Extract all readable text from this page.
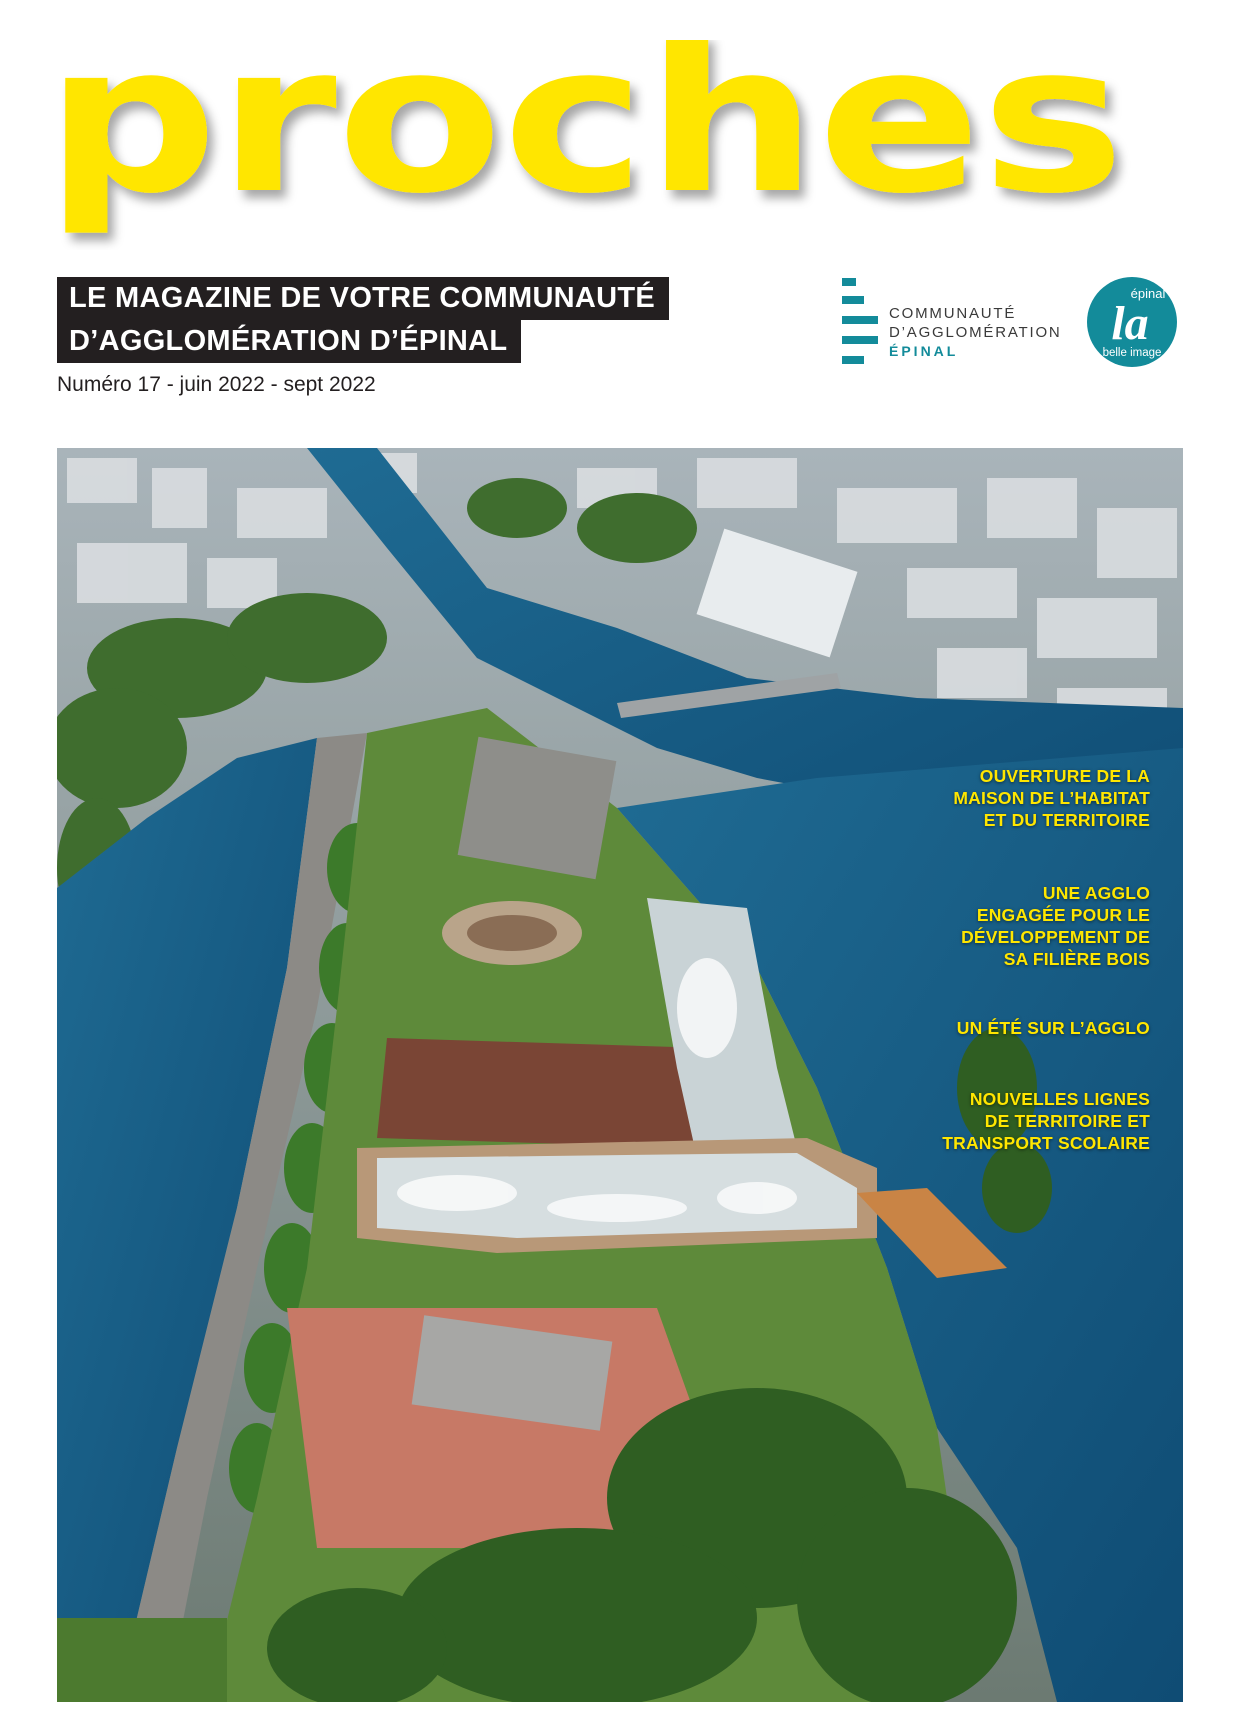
proches
LE MAGAZINE DE VOTRE COMMUNAUTÉ
D’AGGLOMÉRATION D’ÉPINAL
Numéro 17 - juin 2022 - sept 2022
COMMUNAUTÉ
D’AGGLOMÉRATION
ÉPINAL
épinal
la
belle image
OUVERTURE DE LA
MAISON DE L’HABITAT
ET DU TERRITOIRE
UNE AGGLO
ENGAGÉE POUR LE
DÉVELOPPEMENT DE
SA FILIÈRE BOIS
UN ÉTÉ SUR L’AGGLO
NOUVELLES LIGNES
DE TERRITOIRE ET
TRANSPORT SCOLAIRE
